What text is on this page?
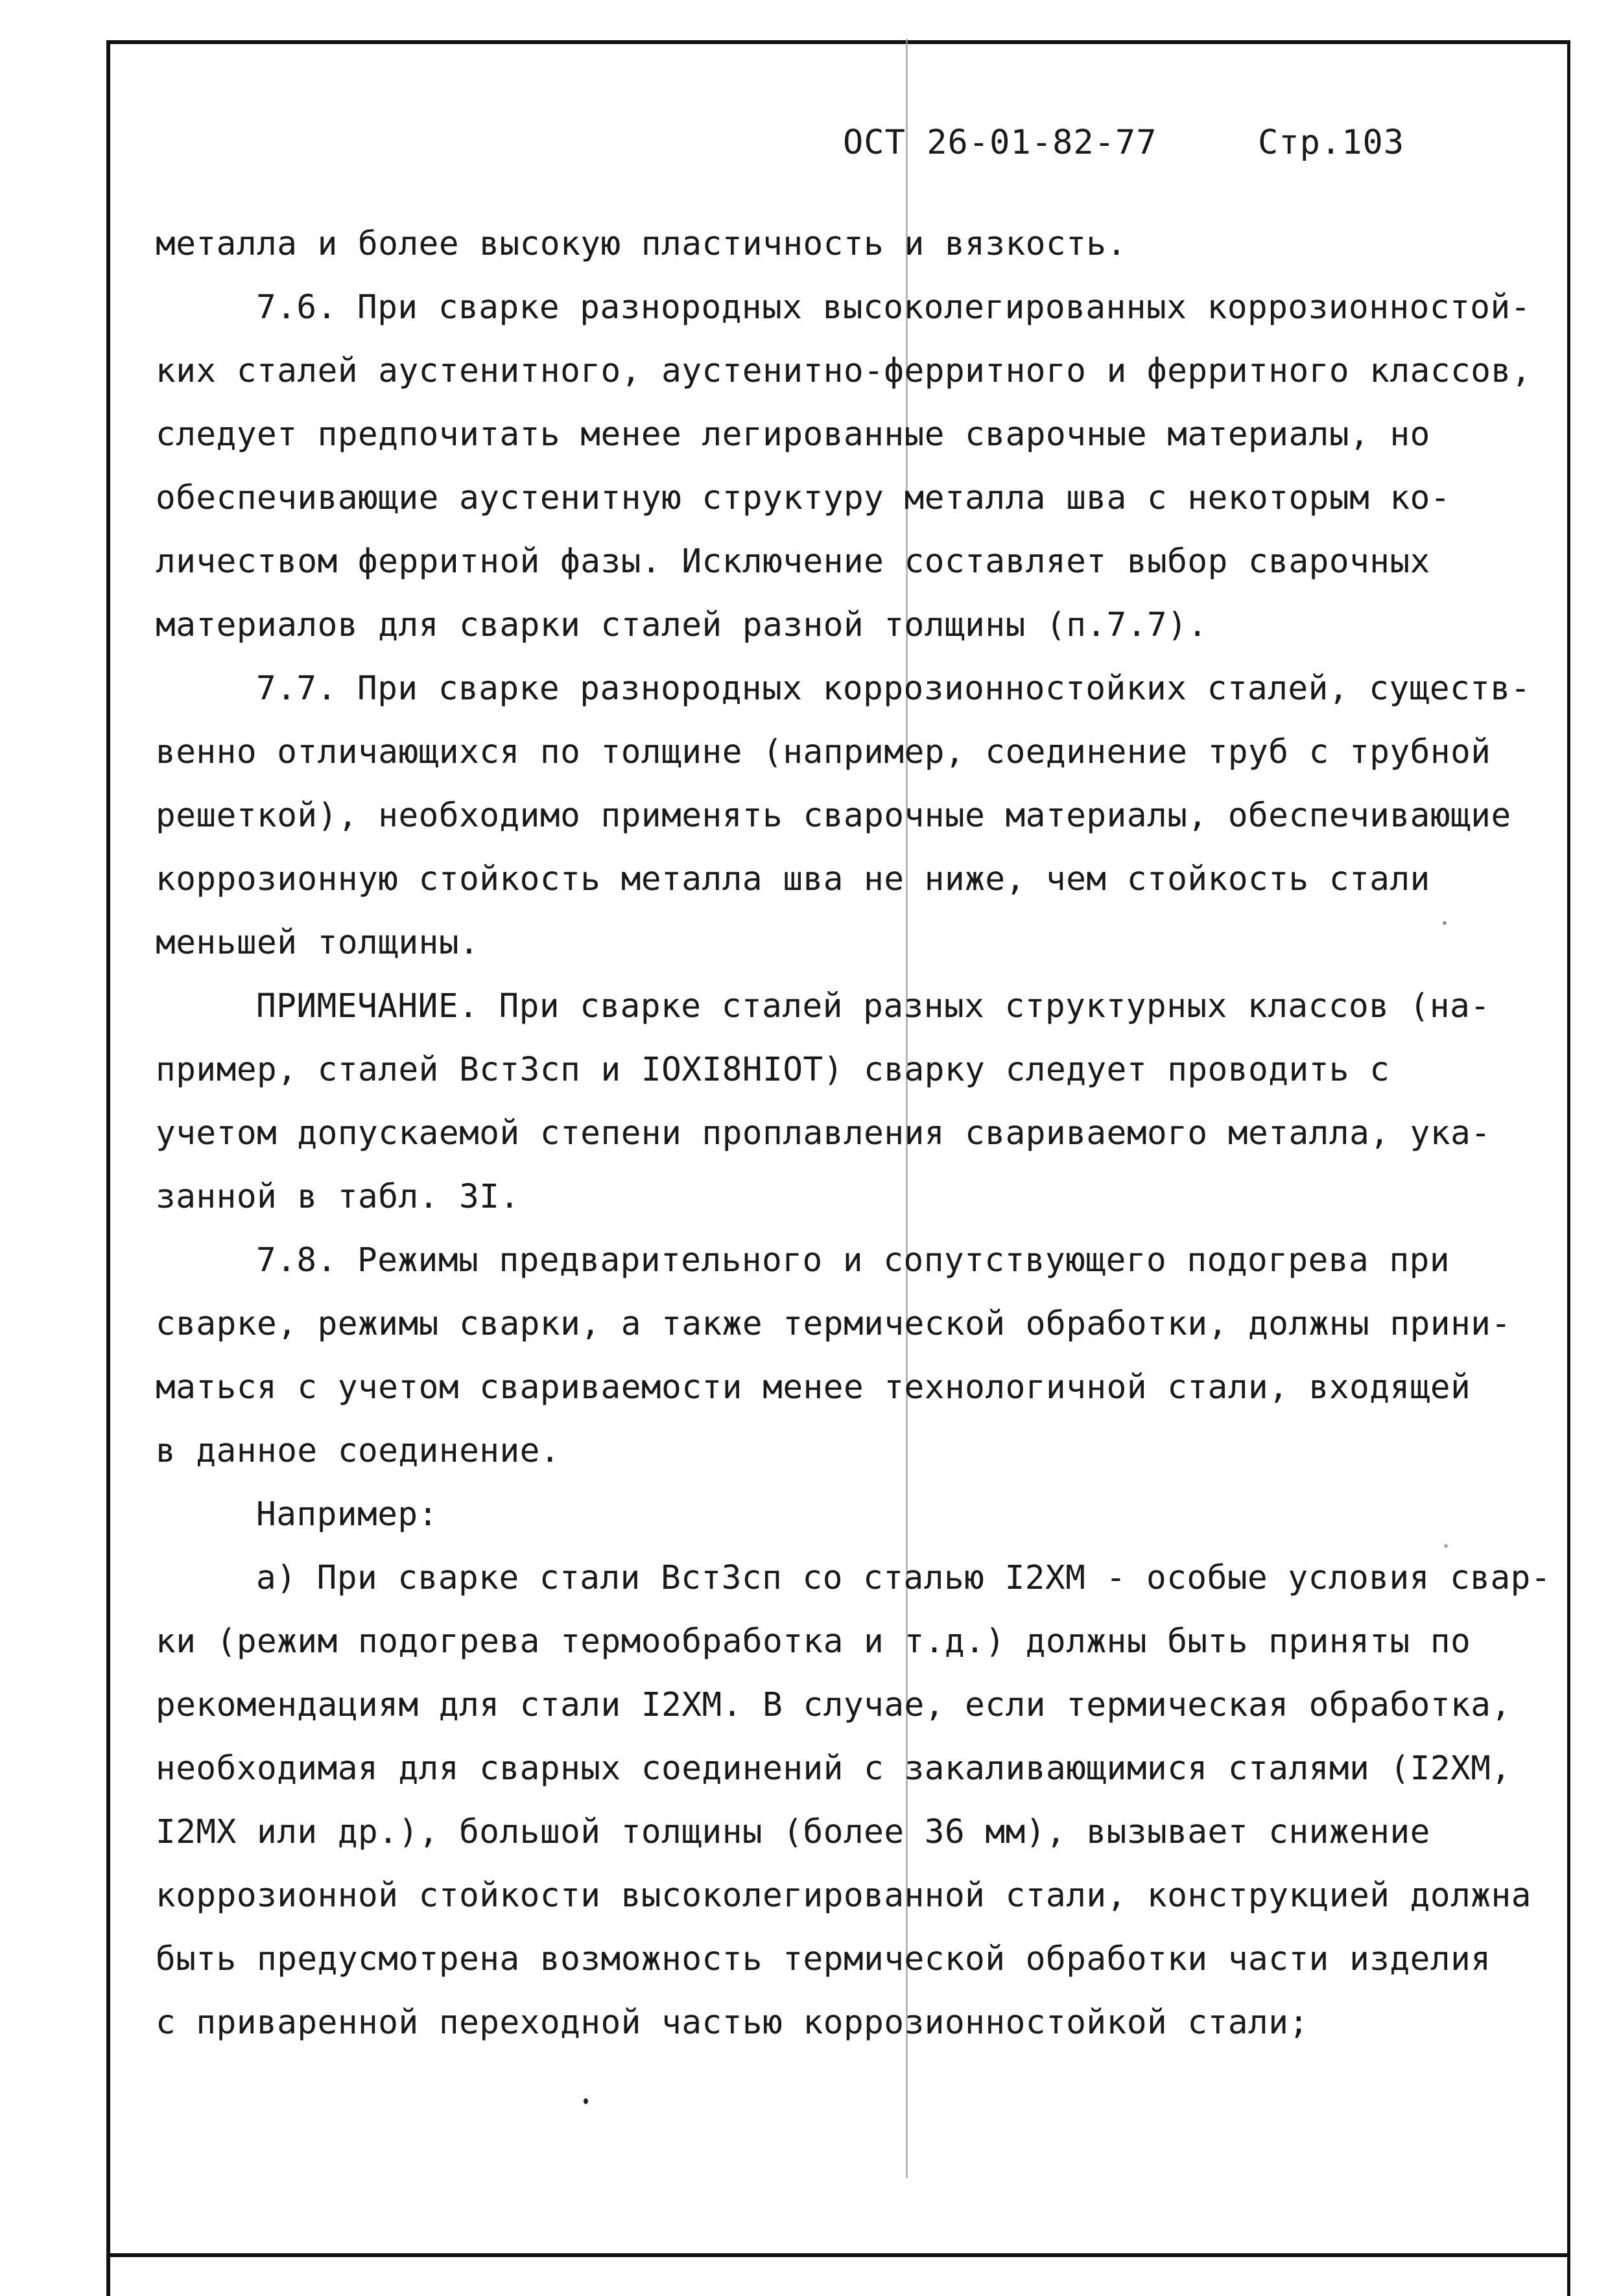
ОСТ 26-01-82-77	Стр.103
металла и более высокую пластичность и вязкость.
7.6. При сварке разнородных высоколегированных коррозионностой-
ких сталей аустенитного, аустенитно-ферритного и ферритного классов,
следует предпочитать менее легированные сварочные материалы, но
обеспечивающие аустенитную структуру металла шва с некоторым ко-
личеством ферритной фазы. Исключение составляет выбор сварочных
материалов для сварки сталей разной толщины (п.7.7).
7.7. При сварке разнородных коррозионностойких сталей, существ-
венно отличающихся по толщине (например, соединение труб с трубной
решеткой), необходимо применять сварочные материалы, обеспечивающие
коррозионную стойкость металла шва не ниже, чем стойкость стали
меньшей толщины.
ПРИМЕЧАНИЕ. При сварке сталей разных структурных классов (на-
пример, сталей ВстЗсп и IOXI8HIOT) сварку следует проводить с
учетом допускаемой степени проплавления свариваемого металла, ука-
занной в табл. 3I.
7.8. Режимы предварительного и сопутствующего подогрева при
сварке, режимы сварки, а также термической обработки, должны прини-
маться с учетом свариваемости менее технологичной стали, входящей
в данное соединение.
Например:
а) При сварке стали ВстЗсп со сталью I2XM - особые условия свар-
ки (режим подогрева термообработка и т.д.) должны быть приняты по
рекомендациям для стали I2XM. В случае, если термическая обработка,
необходимая для сварных соединений с закаливающимися сталями (I2XM,
I2MX или др.), большой толщины (более 36 мм), вызывает снижение
коррозионной стойкости высоколегированной стали, конструкцией должна
быть предусмотрена возможность термической обработки части изделия
с приваренной переходной частью коррозионностойкой стали;
